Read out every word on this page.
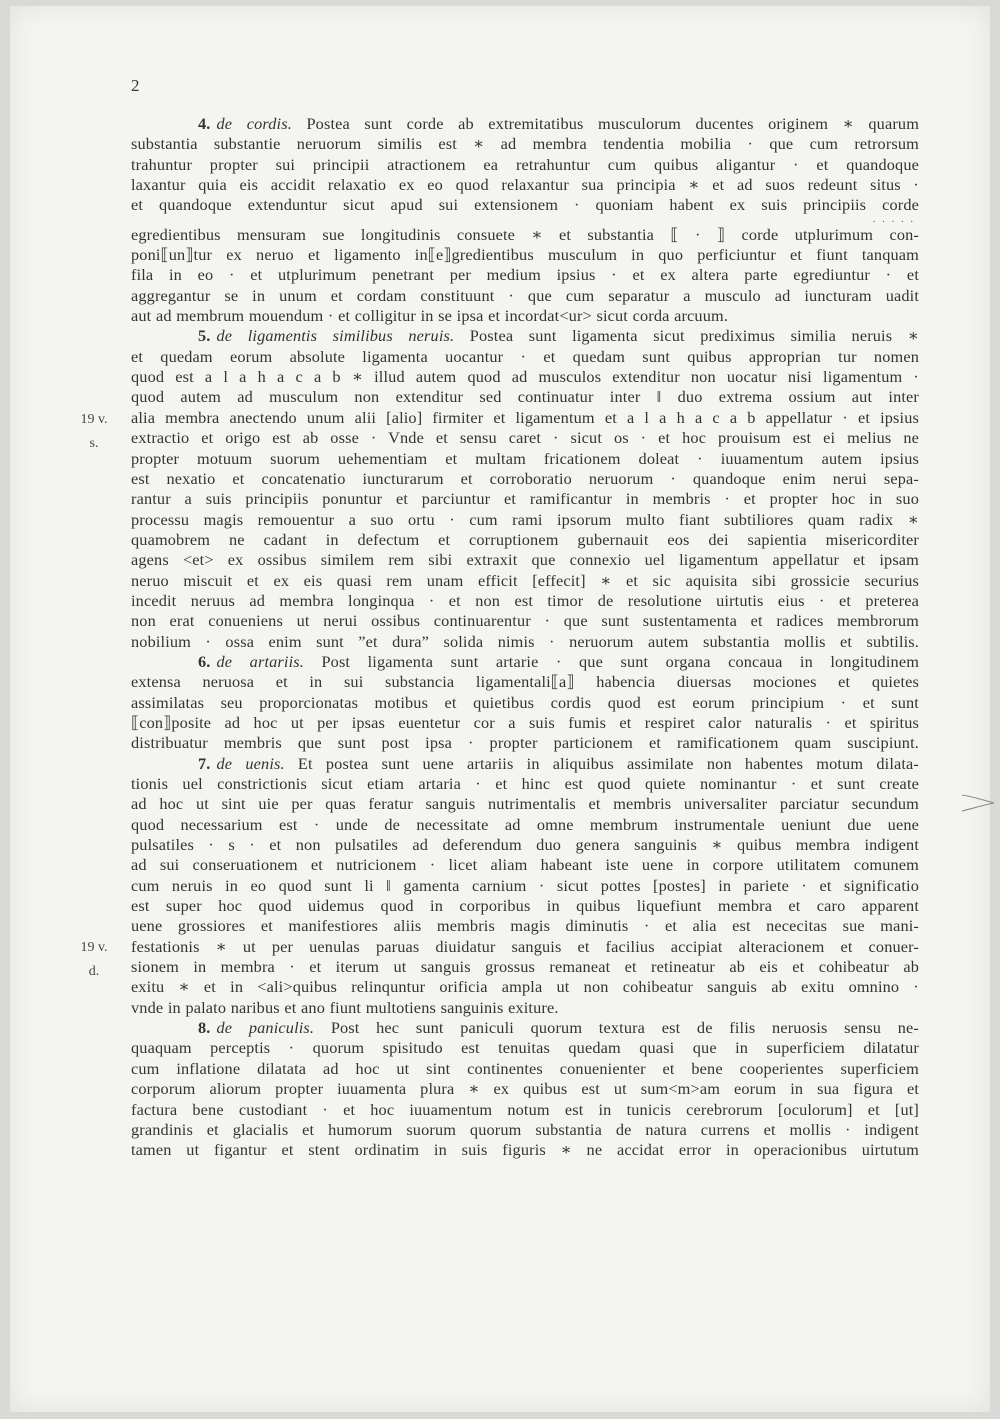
2
19 v.
s.
19 v.
d.
4. de cordis. Postea sunt corde ab extremitatibus musculorum ducentes originem ∗ quarum
substantia substantie neruorum similis est ∗ ad membra tendentia mobilia · que cum retrorsum
trahuntur propter sui principii atractionem ea retrahuntur cum quibus aligantur · et quandoque
laxantur quia eis accidit relaxatio ex eo quod relaxantur sua principia ∗ et ad suos redeunt situs ·
et quandoque extenduntur sicut apud sui extensionem · quoniam habent ex suis principiis corde
. . . . .
egredientibus mensuram sue longitudinis consuete ∗ et substantia ⟦ · ⟧ corde utplurimum con-
poni⟦un⟧tur ex neruo et ligamento in⟦e⟧gredientibus musculum in quo perficiuntur et fiunt tanquam
fila in eo · et utplurimum penetrant per medium ipsius · et ex altera parte egrediuntur · et
aggregantur se in unum et cordam constituunt · que cum separatur a musculo ad iuncturam uadit
aut ad membrum mouendum · et colligitur in se ipsa et incordat<ur> sicut corda arcuum.
5. de ligamentis similibus neruis. Postea sunt ligamenta sicut prediximus similia neruis ∗
et quedam eorum absolute ligamenta uocantur · et quedam sunt quibus approprian tur nomen
quod est a l a h a c a b ∗ illud autem quod ad musculos extenditur non uocatur nisi ligamentum ·
quod autem ad musculum non extenditur sed continuatur inter ‖ duo extrema ossium aut inter
alia membra anectendo unum alii [alio] firmiter et ligamentum et a l a h a c a b appellatur · et ipsius
extractio et origo est ab osse · Vnde et sensu caret · sicut os · et hoc prouisum est ei melius ne
propter motuum suorum uehementiam et multam fricationem doleat · iuuamentum autem ipsius
est nexatio et concatenatio iuncturarum et corroboratio neruorum · quandoque enim nerui sepa-
rantur a suis principiis ponuntur et parciuntur et ramificantur in membris · et propter hoc in suo
processu magis remouentur a suo ortu · cum rami ipsorum multo fiant subtiliores quam radix ∗
quamobrem ne cadant in defectum et corruptionem gubernauit eos dei sapientia misericorditer
agens <et> ex ossibus similem rem sibi extraxit que connexio uel ligamentum appellatur et ipsam
neruo miscuit et ex eis quasi rem unam efficit [effecit] ∗ et sic aquisita sibi grossicie securius
incedit neruus ad membra longinqua · et non est timor de resolutione uirtutis eius · et preterea
non erat conueniens ut nerui ossibus continuarentur · que sunt sustentamenta et radices membrorum
nobilium · ossa enim sunt ”et dura” solida nimis · neruorum autem substantia mollis et subtilis.
6. de artariis. Post ligamenta sunt artarie · que sunt organa concaua in longitudinem
extensa neruosa et in sui substancia ligamentali⟦a⟧ habencia diuersas mociones et quietes
assimilatas seu proporcionatas motibus et quietibus cordis quod est eorum principium · et sunt
⟦con⟧posite ad hoc ut per ipsas euentetur cor a suis fumis et respiret calor naturalis · et spiritus
distribuatur membris que sunt post ipsa · propter particionem et ramificationem quam suscipiunt.
7. de uenis. Et postea sunt uene artariis in aliquibus assimilate non habentes motum dilata-
tionis uel constrictionis sicut etiam artaria · et hinc est quod quiete nominantur · et sunt create
ad hoc ut sint uie per quas feratur sanguis nutrimentalis et membris universaliter parciatur secundum
quod necessarium est · unde de necessitate ad omne membrum instrumentale ueniunt due uene
pulsatiles · s · et non pulsatiles ad deferendum duo genera sanguinis ∗ quibus membra indigent
ad sui conseruationem et nutricionem · licet aliam habeant iste uene in corpore utilitatem comunem
cum neruis in eo quod sunt li ‖ gamenta carnium · sicut pottes [postes] in pariete · et significatio
est super hoc quod uidemus quod in corporibus in quibus liquefiunt membra et caro apparent
uene grossiores et manifestiores aliis membris magis diminutis · et alia est nececitas sue mani-
festationis ∗ ut per uenulas paruas diuidatur sanguis et facilius accipiat alteracionem et conuer-
sionem in membra · et iterum ut sanguis grossus remaneat et retineatur ab eis et cohibeatur ab
exitu ∗ et in <ali>quibus relinquntur orificia ampla ut non cohibeatur sanguis ab exitu omnino ·
vnde in palato naribus et ano fiunt multotiens sanguinis exiture.
8. de paniculis. Post hec sunt paniculi quorum textura est de filis neruosis sensu ne-
quaquam perceptis · quorum spisitudo est tenuitas quedam quasi que in superficiem dilatatur
cum inflatione dilatata ad hoc ut sint continentes conuenienter et bene cooperientes superficiem
corporum aliorum propter iuuamenta plura ∗ ex quibus est ut sum<m>am eorum in sua figura et
factura bene custodiant · et hoc iuuamentum notum est in tunicis cerebrorum [oculorum] et [ut]
grandinis et glacialis et humorum suorum quorum substantia de natura currens et mollis · indigent
tamen ut figantur et stent ordinatim in suis figuris ∗ ne accidat error in operacionibus uirtutum
